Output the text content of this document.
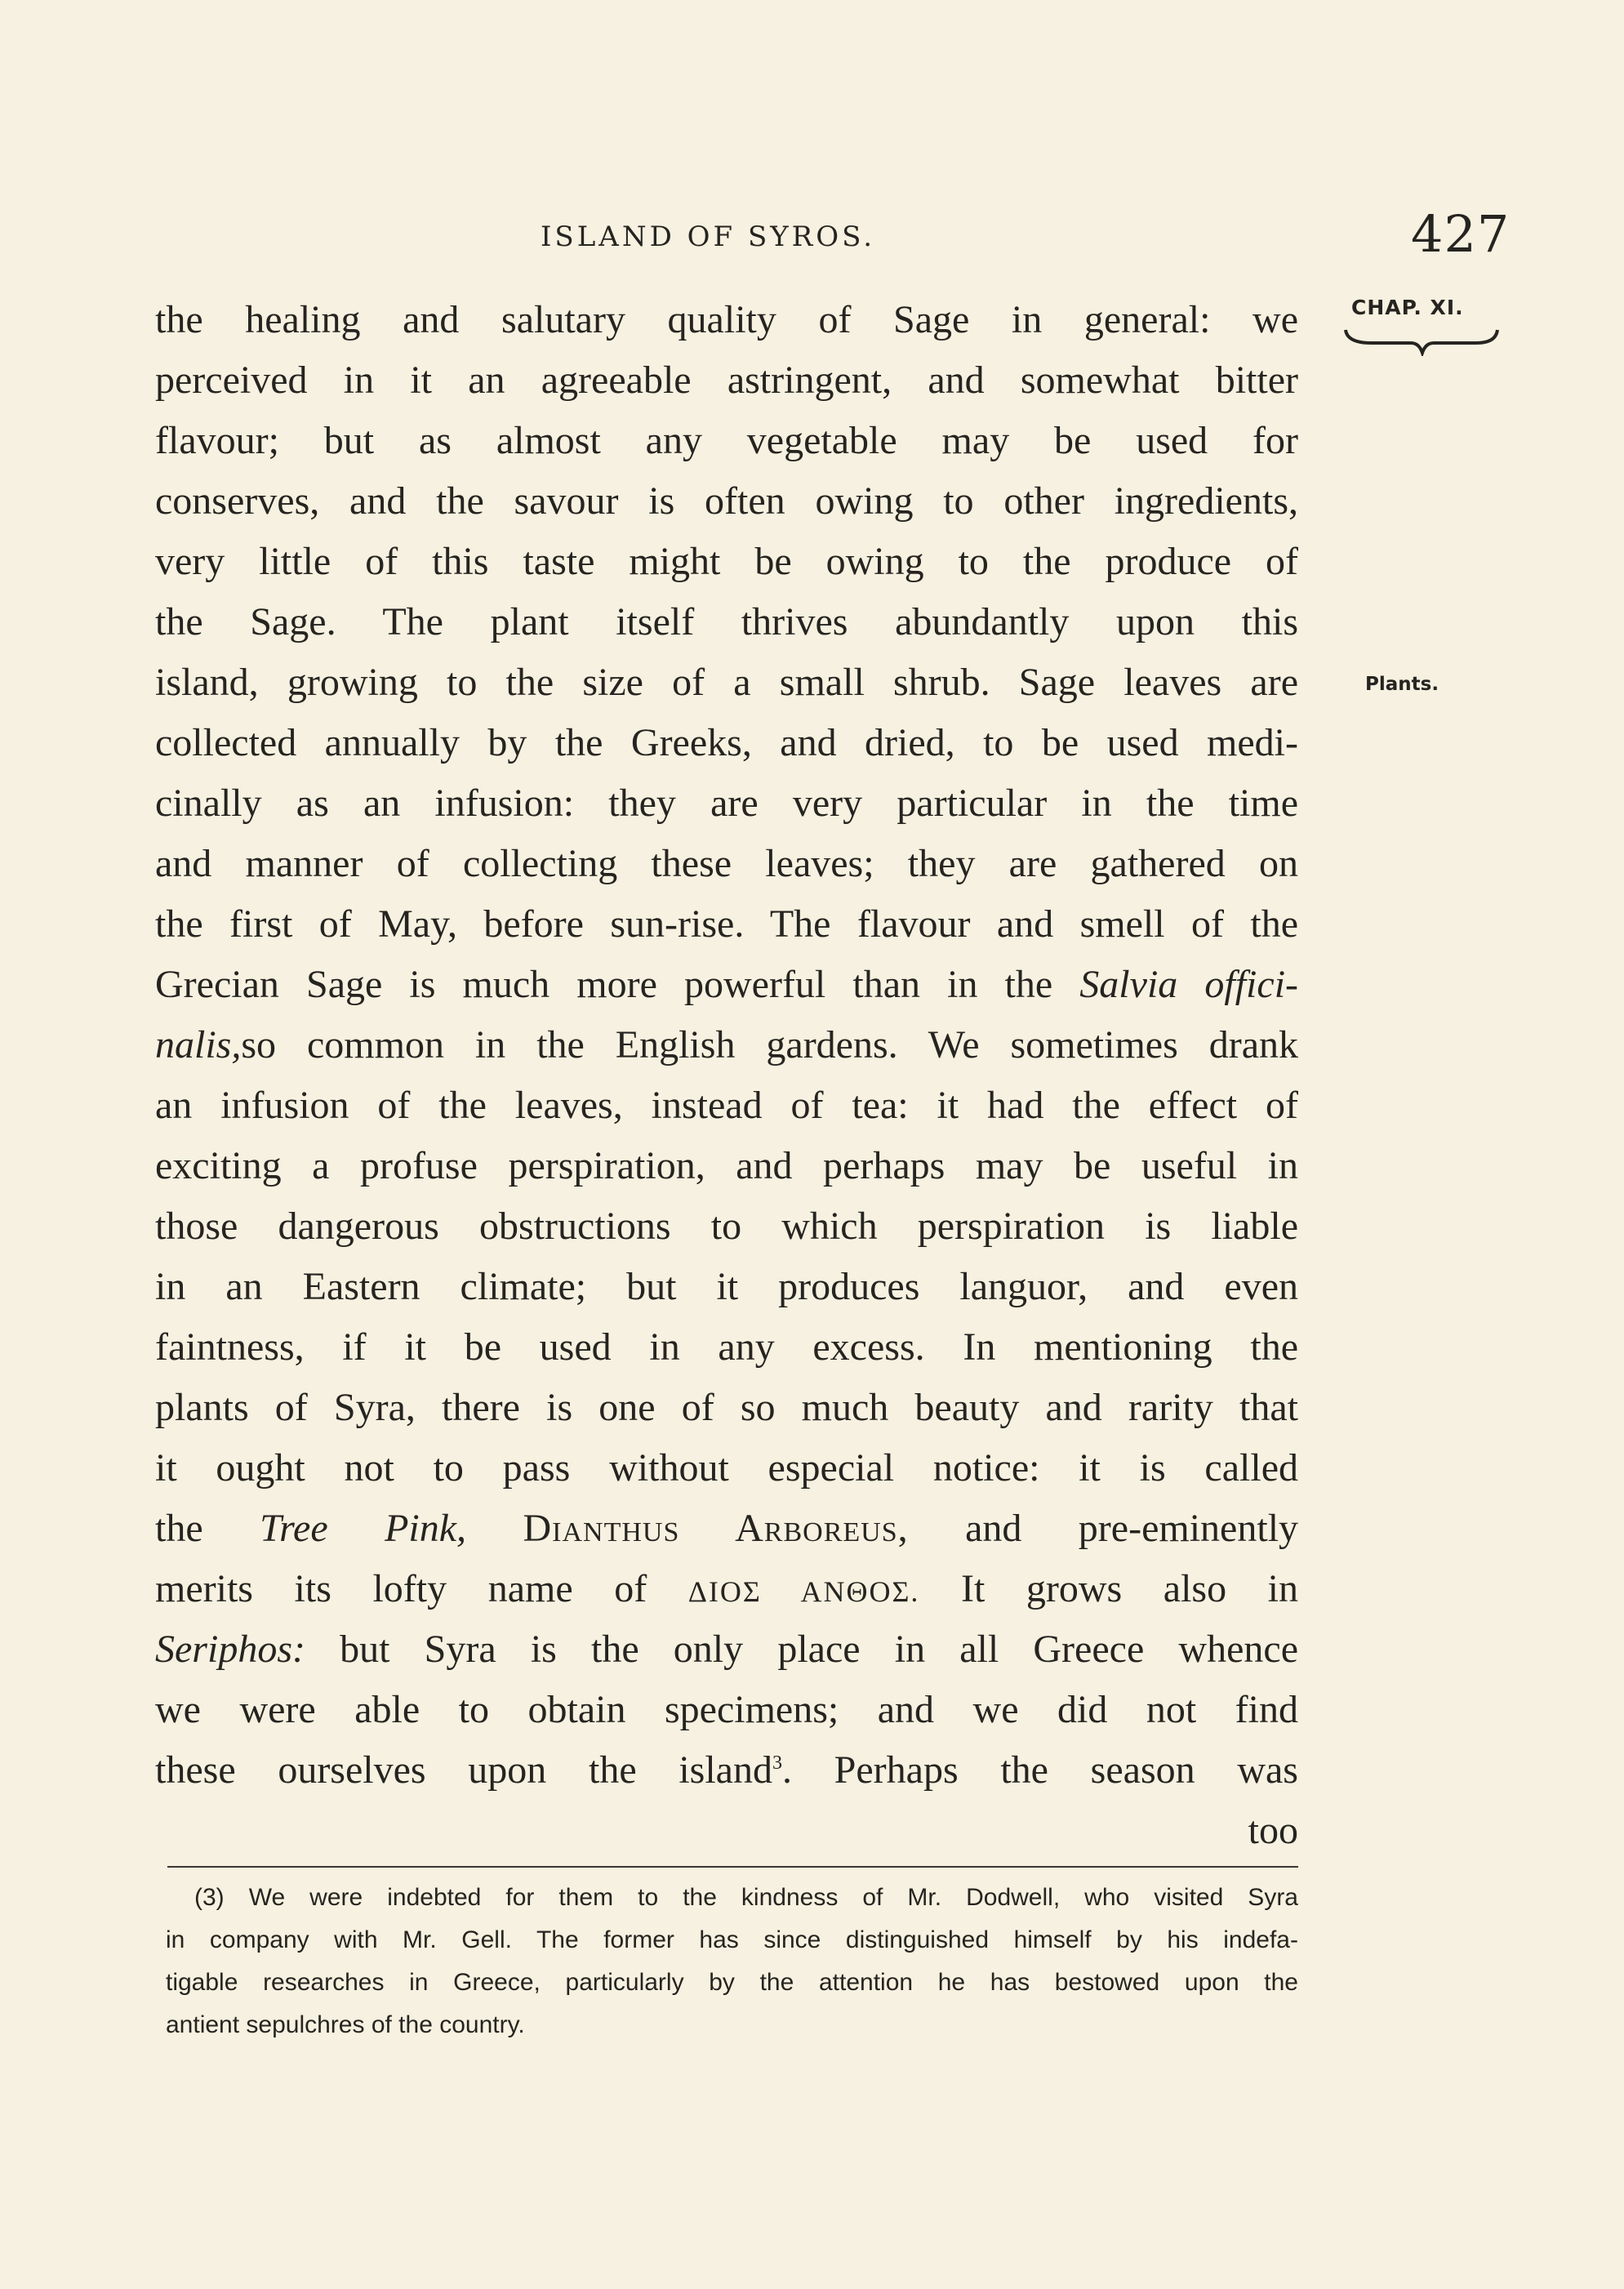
ISLAND OF SYROS.	427
CHAP. XI.
Plants.
the healing and salutary quality of Sage in general: we
perceived in it an agreeable astringent, and somewhat bitter
flavour; but as almost any vegetable may be used for
conserves, and the savour is often owing to other ingredients,
very little of this taste might be owing to the produce of
the Sage. The plant itself thrives abundantly upon this
island, growing to the size of a small shrub. Sage leaves are
collected annually by the Greeks, and dried, to be used medi-
cinally as an infusion: they are very particular in the time
and manner of collecting these leaves; they are gathered on
the first of May, before sun-rise. The flavour and smell of the
Grecian Sage is much more powerful than in the Salvia offici-
nalis,so common in the English gardens. We sometimes drank
an infusion of the leaves, instead of tea: it had the effect of
exciting a profuse perspiration, and perhaps may be useful in
those dangerous obstructions to which perspiration is liable
in an Eastern climate; but it produces languor, and even
faintness, if it be used in any excess. In mentioning the
plants of Syra, there is one of so much beauty and rarity that
it ought not to pass without especial notice: it is called
the Tree Pink, Dianthus Arboreus, and pre-eminently
merits its lofty name of ΔΙΟΣ ΑΝΘΟΣ. It grows also in
Seriphos: but Syra is the only place in all Greece whence
we were able to obtain specimens; and we did not find
these ourselves upon the island$^3$. Perhaps the season was
too
(3) We were indebted for them to the kindness of Mr. Dodwell, who visited Syra
in company with Mr. Gell. The former has since distinguished himself by his indefa-
tigable researches in Greece, particularly by the attention he has bestowed upon the
antient sepulchres of the country.
